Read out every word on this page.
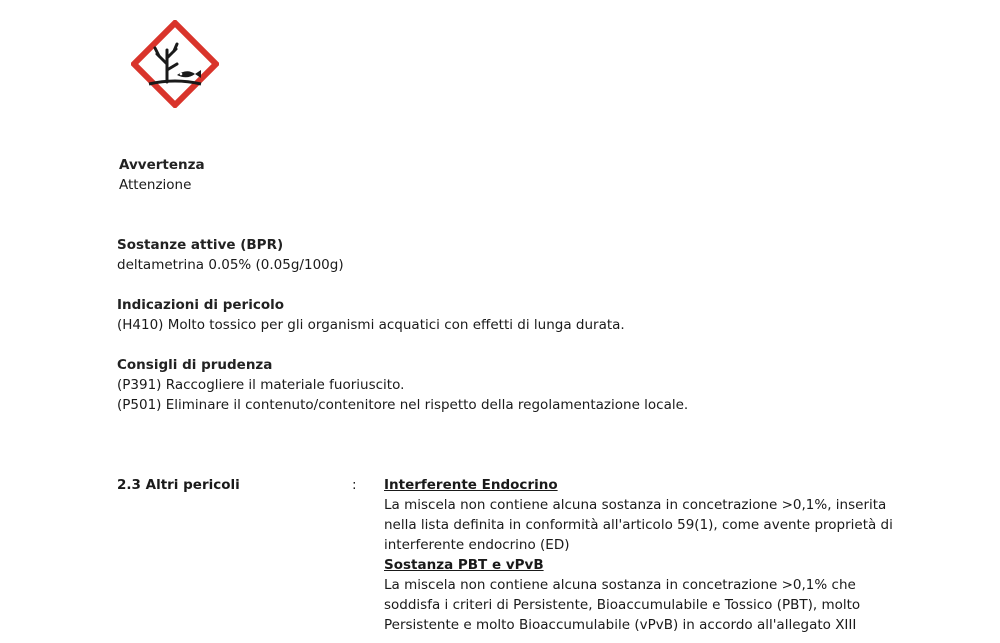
Avvertenza
Attenzione
Sostanze attive (BPR)
deltametrina 0.05% (0.05g/100g)
Indicazioni di pericolo
(H410) Molto tossico per gli organismi acquatici con effetti di lunga durata.
Consigli di prudenza
(P391) Raccogliere il materiale fuoriuscito.
(P501) Eliminare il contenuto/contenitore nel rispetto della regolamentazione locale.
2.3 Altri pericoli	: Interferente Endocrino
La miscela non contiene alcuna sostanza in concetrazione >0,1%, inserita
nella lista definita in conformità all'articolo 59(1), come avente proprietà di
interferente endocrino (ED)
Sostanza PBT e vPvB
La miscela non contiene alcuna sostanza in concetrazione >0,1% che
soddisfa i criteri di Persistente, Bioaccumulabile e Tossico (PBT), molto
Persistente e molto Bioaccumulabile (vPvB) in accordo all'allegato XIII
